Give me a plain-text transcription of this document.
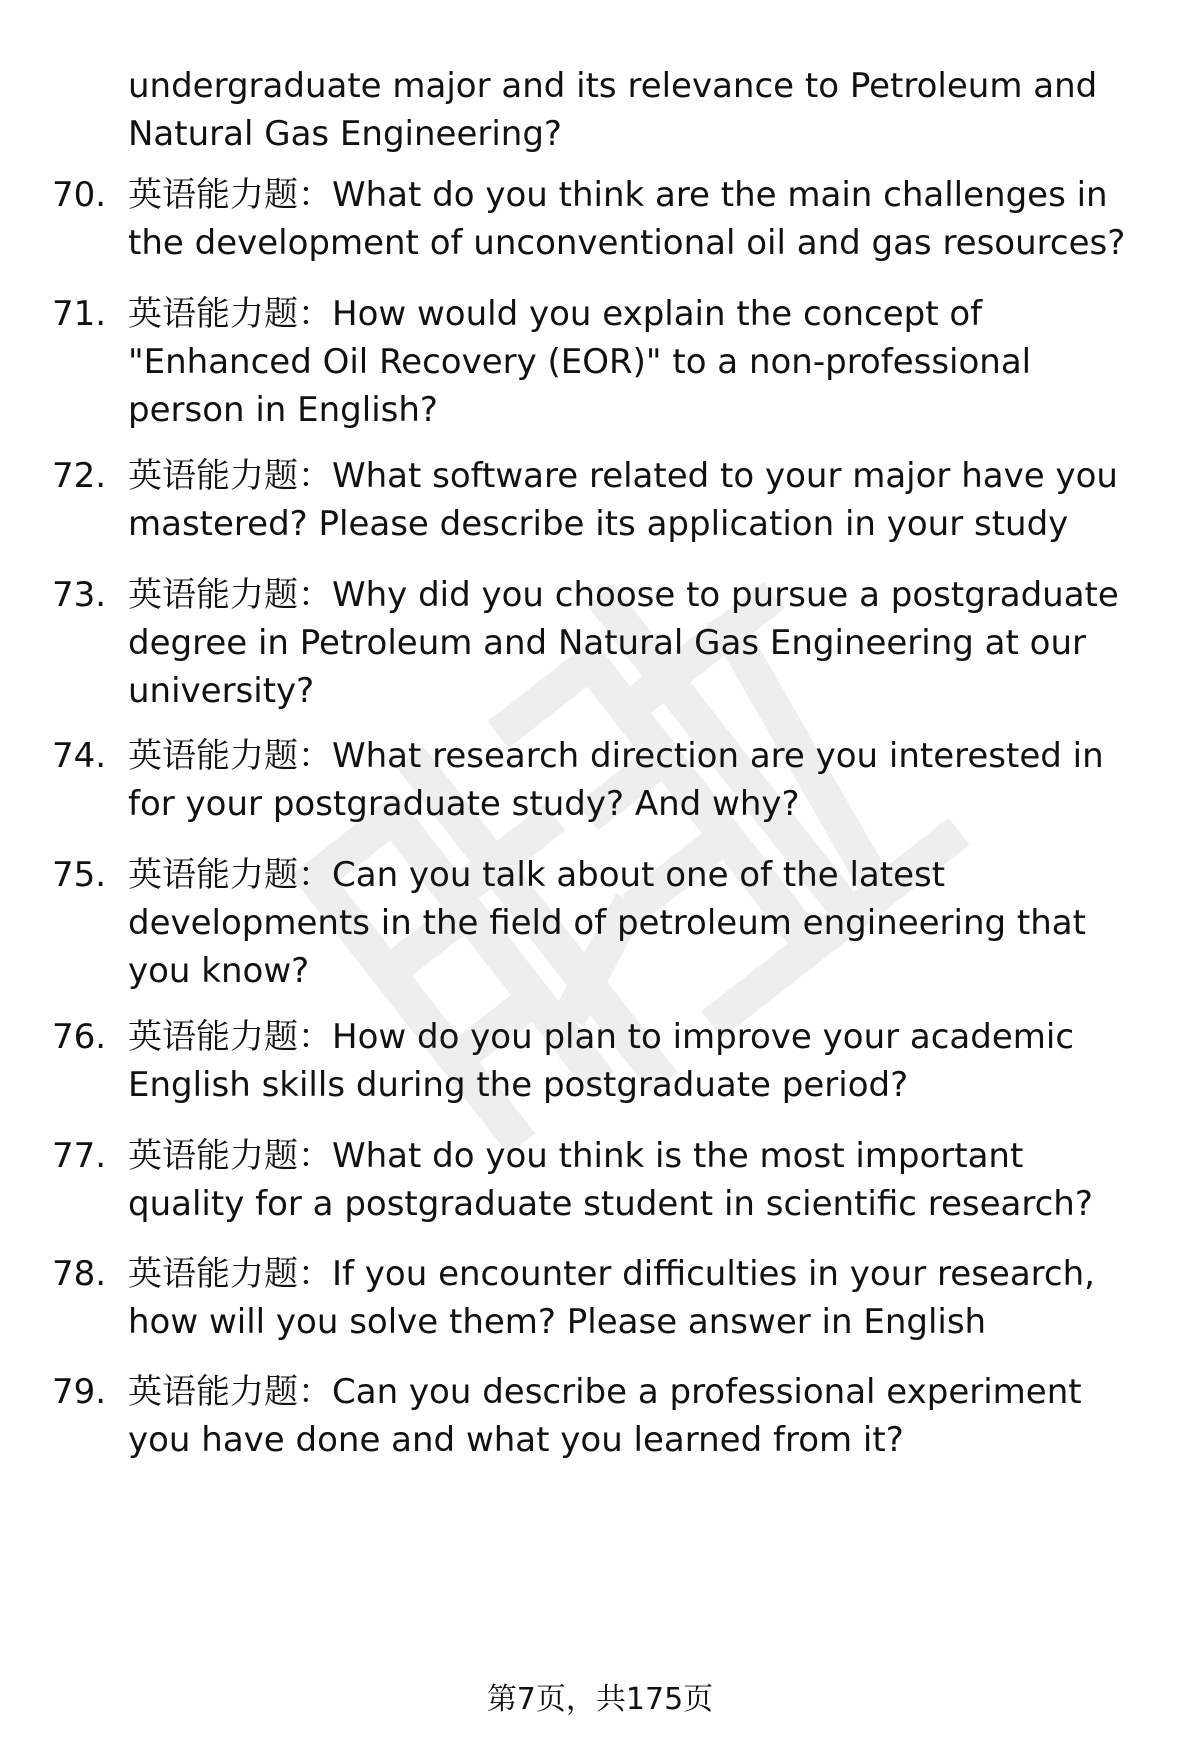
undergraduate major and its relevance to Petroleum and Natural Gas Engineering?
70. 英语能力题：What do you think are the main challenges in the development of unconventional oil and gas resources?
71. 英语能力题：How would you explain the concept of "Enhanced Oil Recovery (EOR)" to a non-professional person in English?
72. 英语能力题：What software related to your major have you mastered? Please describe its application in your study
73. 英语能力题：Why did you choose to pursue a postgraduate degree in Petroleum and Natural Gas Engineering at our university?
74. 英语能力题：What research direction are you interested in for your postgraduate study? And why?
75. 英语能力题：Can you talk about one of the latest developments in the field of petroleum engineering that you know?
76. 英语能力题：How do you plan to improve your academic English skills during the postgraduate period?
77. 英语能力题：What do you think is the most important quality for a postgraduate student in scientific research?
78. 英语能力题：If you encounter difficulties in your research, how will you solve them? Please answer in English
79. 英语能力题：Can you describe a professional experiment you have done and what you learned from it?
第7页，共175页
